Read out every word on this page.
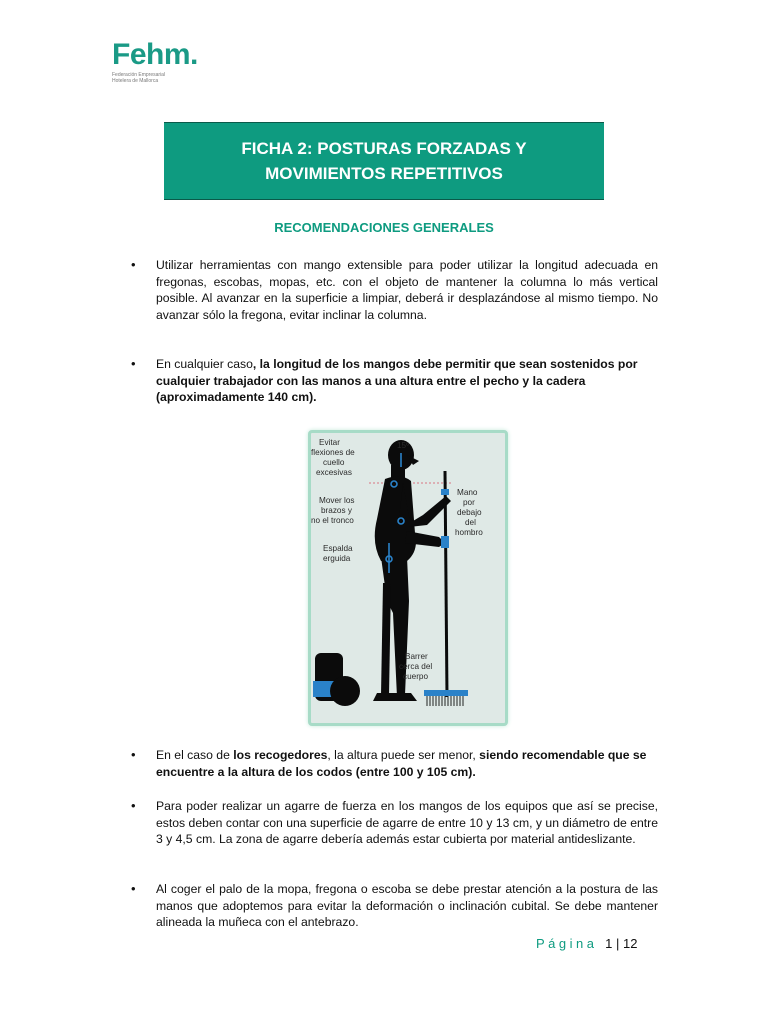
Fehm.
Federación Empresarial
Hotelera de Mallorca
FICHA 2: POSTURAS FORZADAS Y
MOVIMIENTOS REPETITIVOS
RECOMENDACIONES GENERALES
• Utilizar herramientas con mango extensible para poder utilizar la longitud adecuada en fregonas, escobas, mopas, etc. con el objeto de mantener la columna lo más vertical posible. Al avanzar en la superficie a limpiar, deberá ir desplazándose al mismo tiempo. No avanzar sólo la fregona, evitar inclinar la columna.
• En cualquier caso, la longitud de los mangos debe permitir que sean sostenidos por cualquier trabajador con las manos a una altura entre el pecho y la cadera (aproximadamente 140 cm).
Evitar
flexiones de
cuello
excesivas
15º
Mover los
brazos y
no el tronco
Espalda
erguida
Mano
por
debajo
del
hombro
Barrer
cerca del
cuerpo
• En el caso de los recogedores, la altura puede ser menor, siendo recomendable que se encuentre a la altura de los codos (entre 100 y 105 cm).
• Para poder realizar un agarre de fuerza en los mangos de los equipos que así se precise, estos deben contar con una superficie de agarre de entre 10 y 13 cm, y un diámetro de entre 3 y 4,5 cm. La zona de agarre debería además estar cubierta por material antideslizante.
• Al coger el palo de la mopa, fregona o escoba se debe prestar atención a la postura de las manos que adoptemos para evitar la deformación o inclinación cubital. Se debe mantener alineada la muñeca con el antebrazo.
Página 1 | 12
